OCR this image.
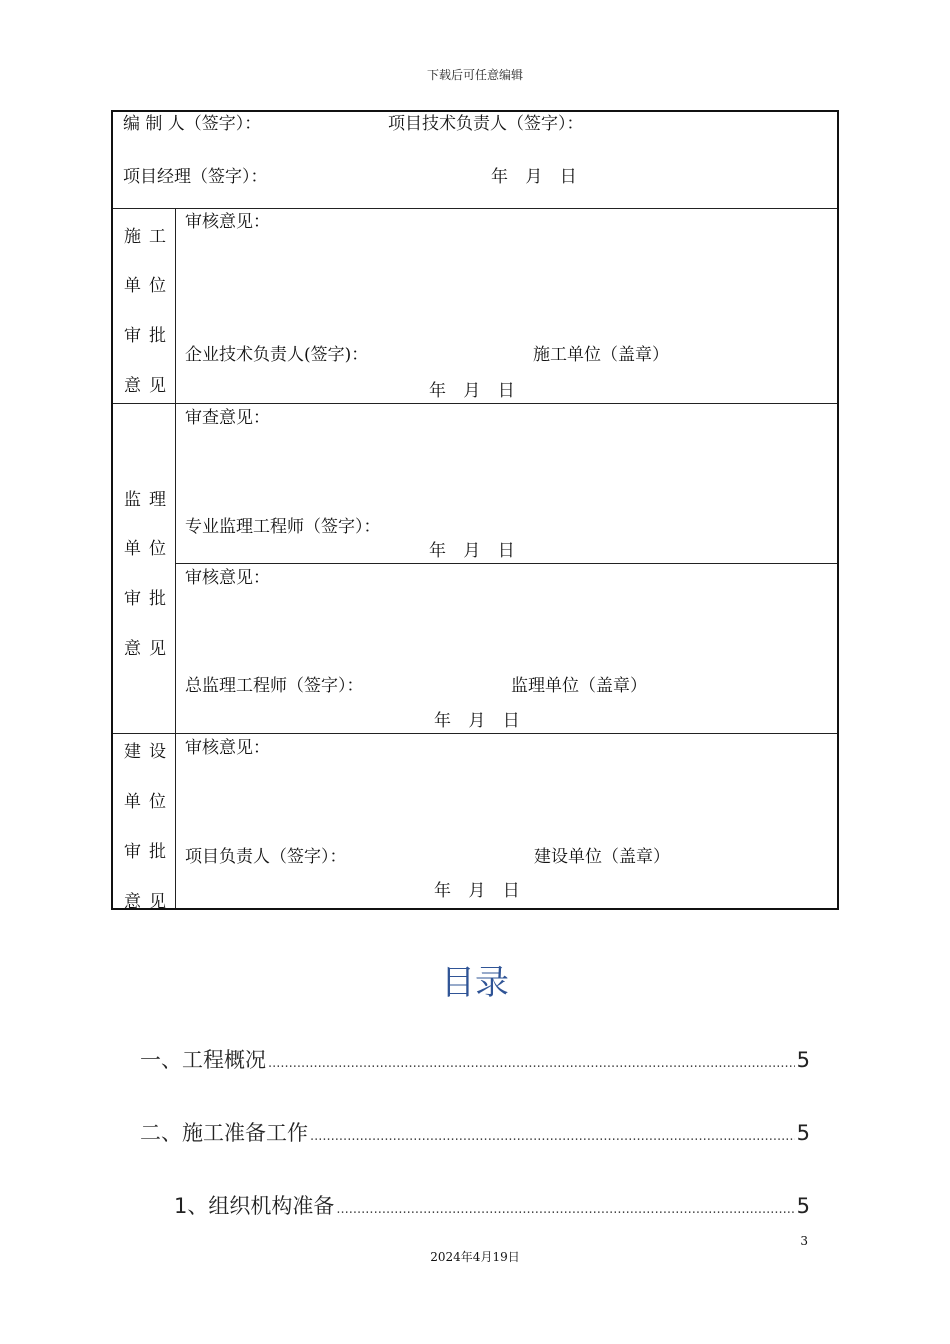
下载后可任意编辑
编 制 人（签字）：	项目技术负责人（签字）：
项目经理（签字）：	年 月 日
施工
单位
审批
意见
审核意见：
企业技术负责人(签字)：	施工单位（盖章）
年 月 日
监理
单位
审批
意见
审查意见：
专业监理工程师（签字）：
年 月 日
审核意见：
总监理工程师（签字）：	监理单位（盖章）
年 月 日
建设
单位
审批
意见
审核意见：
项目负责人（签字）：	建设单位（盖章）
年 月 日
目录
一、工程概况 .....	5
二、施工准备工作 .....	5
1、组织机构准备 .....	5
3
2024年4月19日
